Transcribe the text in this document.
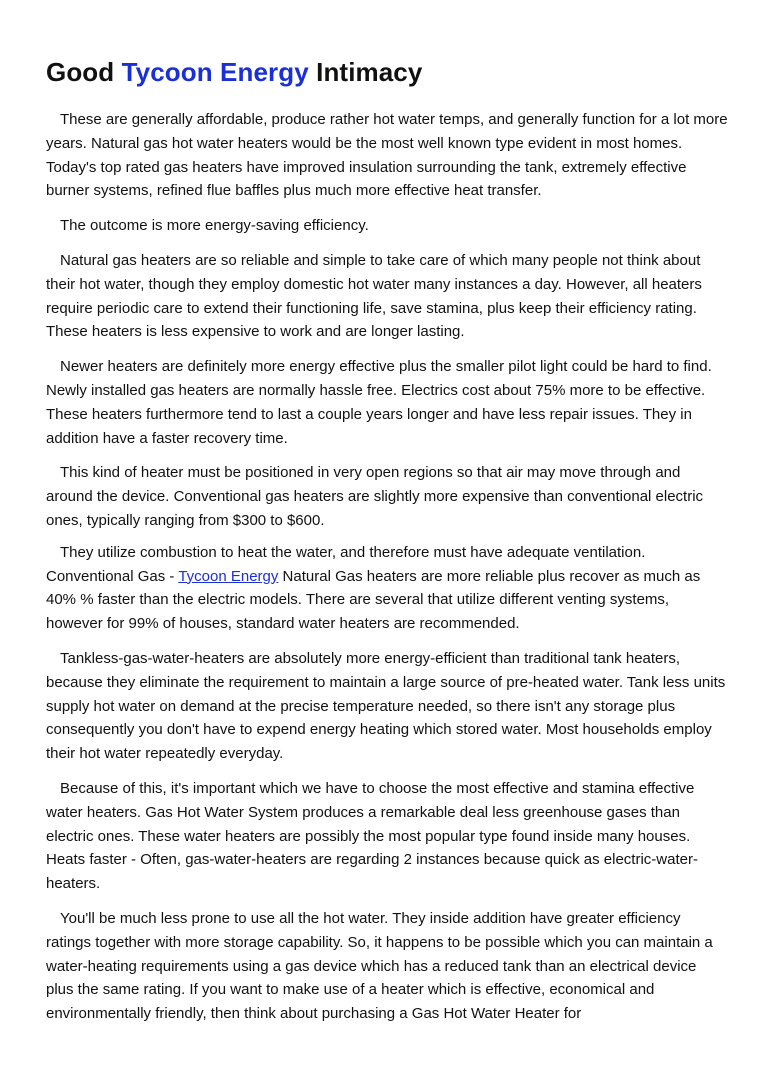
Good Tycoon Energy Intimacy

These are generally affordable, produce rather hot water temps, and generally function for a lot more years. Natural gas hot water heaters would be the most well known type evident in most homes. Today's top rated gas heaters have improved insulation surrounding the tank, extremely effective burner systems, refined flue baffles plus much more effective heat transfer.

The outcome is more energy-saving efficiency.

Natural gas heaters are so reliable and simple to take care of which many people not think about their hot water, though they employ domestic hot water many instances a day. However, all heaters require periodic care to extend their functioning life, save stamina, plus keep their efficiency rating. These heaters is less expensive to work and are longer lasting.

Newer heaters are definitely more energy effective plus the smaller pilot light could be hard to find. Newly installed gas heaters are normally hassle free. Electrics cost about 75% more to be effective. These heaters furthermore tend to last a couple years longer and have less repair issues. They in addition have a faster recovery time.

This kind of heater must be positioned in very open regions so that air may move through and around the device. Conventional gas heaters are slightly more expensive than conventional electric ones, typically ranging from $300 to $600.

They utilize combustion to heat the water, and therefore must have adequate ventilation. Conventional Gas - Tycoon Energy Natural Gas heaters are more reliable plus recover as much as 40% % faster than the electric models. There are several that utilize different venting systems, however for 99% of houses, standard water heaters are recommended.

Tankless-gas-water-heaters are absolutely more energy-efficient than traditional tank heaters, because they eliminate the requirement to maintain a large source of pre-heated water. Tank less units supply hot water on demand at the precise temperature needed, so there isn't any storage plus consequently you don't have to expend energy heating which stored water. Most households employ their hot water repeatedly everyday.

Because of this, it's important which we have to choose the most effective and stamina effective water heaters. Gas Hot Water System produces a remarkable deal less greenhouse gases than electric ones. These water heaters are possibly the most popular type found inside many houses. Heats faster - Often, gas-water-heaters are regarding 2 instances because quick as electric-water-heaters.

You'll be much less prone to use all the hot water. They inside addition have greater efficiency ratings together with more storage capability. So, it happens to be possible which you can maintain a water-heating requirements using a gas device which has a reduced tank than an electrical device plus the same rating. If you want to make use of a heater which is effective, economical and environmentally friendly, then think about purchasing a Gas Hot Water Heater for
